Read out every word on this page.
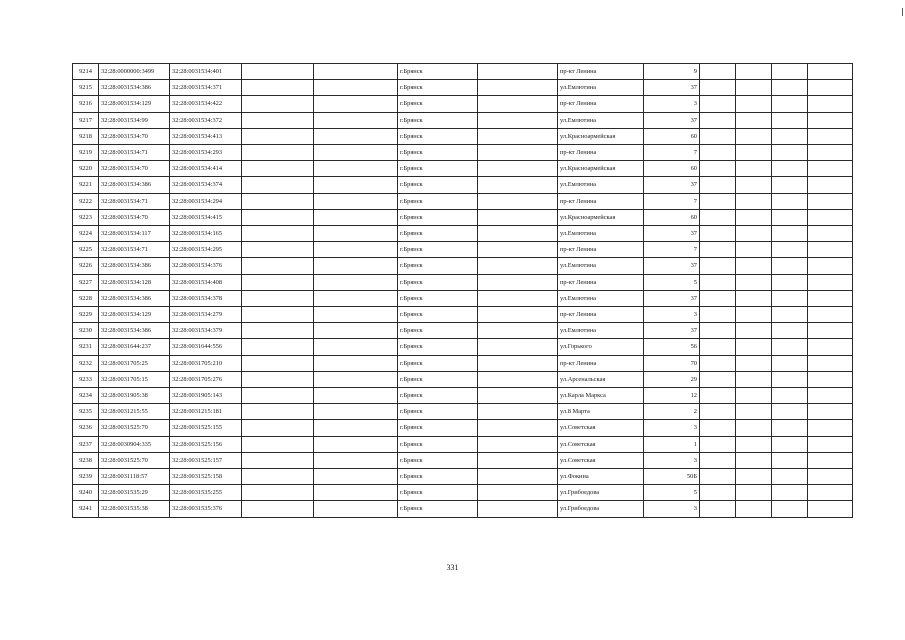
9214	32:28:0000000:3499	32:28:0031534:401			г.Брянск		пр-кт Ленина	9				
9215	32:28:0031534:386	32:28:0031534:371			г.Брянск		ул.Емлютина	37				
9216	32:28:0031534:129	32:28:0031534:422			г.Брянск		пр-кт Ленина	3				
9217	32:28:0031534:99	32:28:0031534:372			г.Брянск		ул.Емлютина	37				
9218	32:28:0031534:70	32:28:0031534:413			г.Брянск		ул.Красноармейская	60				
9219	32:28:0031534:71	32:28:0031534:293			г.Брянск		пр-кт Ленина	7				
9220	32:28:0031534:70	32:28:0031534:414			г.Брянск		ул.Красноармейская	60				
9221	32:28:0031534:386	32:28:0031534:374			г.Брянск		ул.Емлютина	37				
9222	32:28:0031534:71	32:28:0031534:294			г.Брянск		пр-кт Ленина	7				
9223	32:28:0031534:70	32:28:0031534:415			г.Брянск		ул.Красноармейская	60				
9224	32:28:0031534:117	32:28:0031534:165			г.Брянск		ул.Емлютина	37				
9225	32:28:0031534:71	32:28:0031534:295			г.Брянск		пр-кт Ленина	7				
9226	32:28:0031534:386	32:28:0031534:376			г.Брянск		ул.Емлютина	37				
9227	32:28:0031534:128	32:28:0031534:408			г.Брянск		пр-кт Ленина	5				
9228	32:28:0031534:386	32:28:0031534:378			г.Брянск		ул.Емлютина	37				
9229	32:28:0031534:129	32:28:0031534:279			г.Брянск		пр-кт Ленина	3				
9230	32:28:0031534:386	32:28:0031534:379			г.Брянск		ул.Емлютина	37				
9231	32:28:0031644:237	32:28:0031644:556			г.Брянск		ул.Горького	56				
9232	32:28:0031705:25	32:28:0031705:210			г.Брянск		пр-кт Ленина	70				
9233	32:28:0031705:15	32:28:0031705:276			г.Брянск		ул.Арсенальская	29				
9234	32:28:0031905:38	32:28:0031905:143			г.Брянск		ул.Карла Маркса	12				
9235	32:28:0031215:55	32:28:0031215:181			г.Брянск		ул.8 Марта	2				
9236	32:28:0031525:70	32:28:0031525:155			г.Брянск		ул.Советская	3				
9237	32:28:0030904:335	32:28:0031525:156			г.Брянск		ул.Советская	1				
9238	32:28:0031525:70	32:28:0031525:157			г.Брянск		ул.Советская	3				
9239	32:28:0031118:57	32:28:0031525:158			г.Брянск		ул.Фокина	50Б				
9240	32:28:0031535:29	32:28:0031535:255			г.Брянск		ул.Грибоедова	5				
9241	32:28:0031535:38	32:28:0031535:376			г.Брянск		ул.Грибоедова	3				
331
